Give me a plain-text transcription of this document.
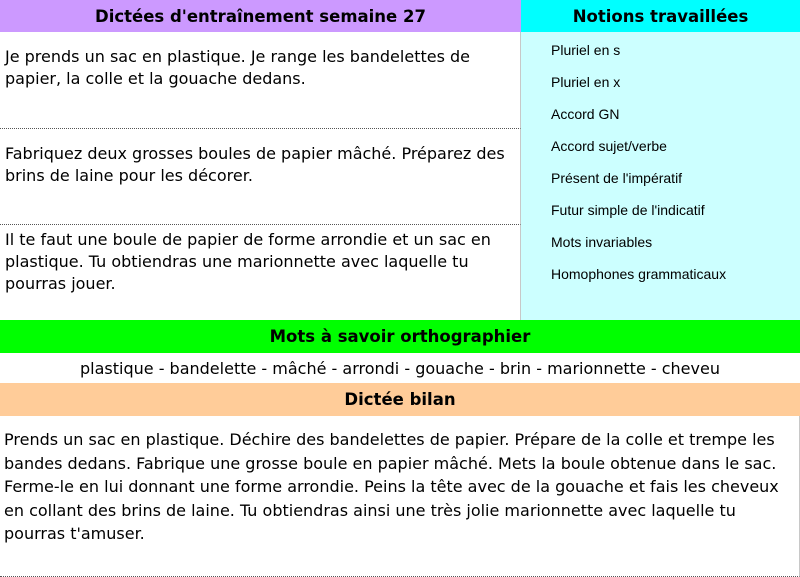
Dictées d'entraînement semaine 27	Notions travaillées
Je prends un sac en plastique. Je range les bandelettes de papier, la colle et la gouache dedans.
Fabriquez deux grosses boules de papier mâché. Préparez des brins de laine pour les décorer.
Il te faut une boule de papier de forme arrondie et un sac en plastique. Tu obtiendras une marionnette avec laquelle tu pourras jouer.
Pluriel en s
Pluriel en x
Accord GN
Accord sujet/verbe
Présent de l'impératif
Futur simple de l'indicatif
Mots invariables
Homophones grammaticaux
Mots à savoir orthographier
plastique - bandelette - mâché - arrondi - gouache - brin - marionnette - cheveu
Dictée bilan
Prends un sac en plastique. Déchire des bandelettes de papier. Prépare de la colle et trempe les bandes dedans. Fabrique une grosse boule en papier mâché. Mets la boule obtenue dans le sac. Ferme-le en lui donnant une forme arrondie. Peins la tête avec de la gouache et fais les cheveux en collant des brins de laine. Tu obtiendras ainsi une très jolie marionnette avec laquelle tu pourras t'amuser.
